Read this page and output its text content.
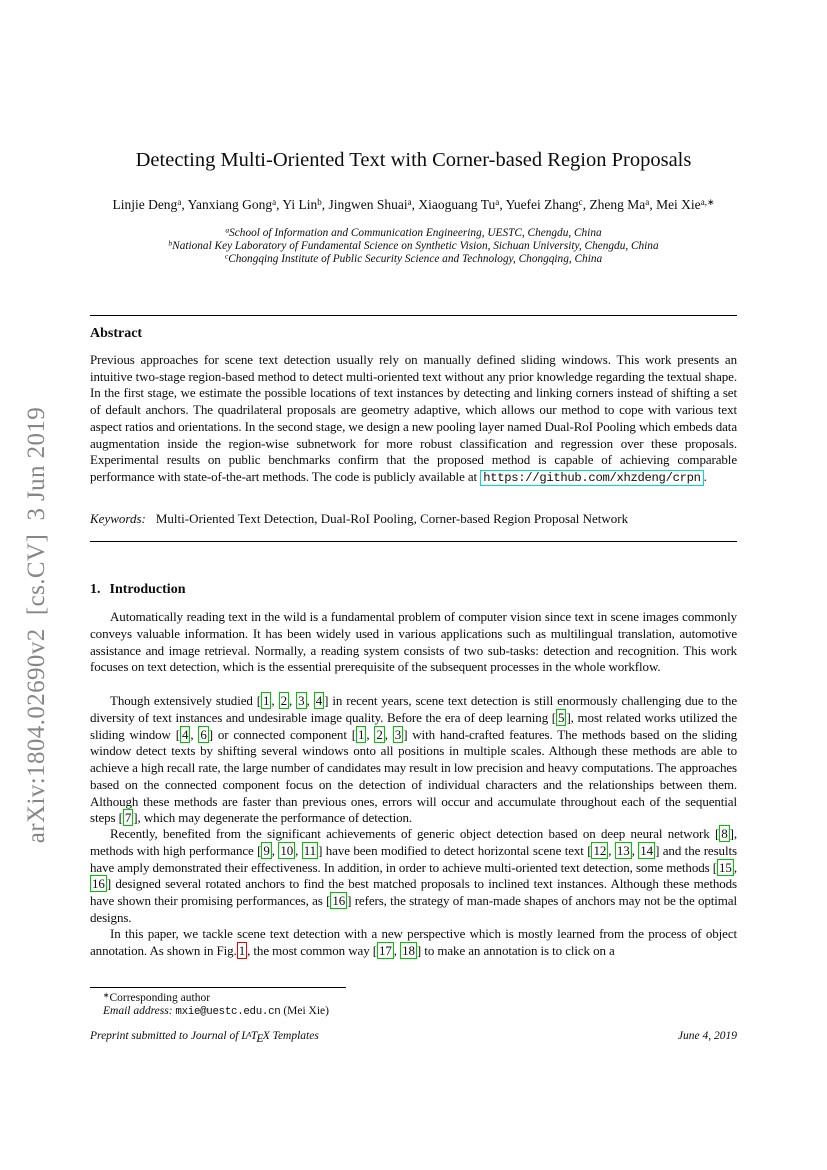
arXiv:1804.02690v2  [cs.CV]  3 Jun 2019
Detecting Multi-Oriented Text with Corner-based Region Proposals
Linjie Deng$^a$, Yanxiang Gong$^a$, Yi Lin$^b$, Jingwen Shuai$^a$, Xiaoguang Tu$^a$, Yuefei Zhang$^c$, Zheng Ma$^a$, Mei Xie$^{a,∗}$
$^a$School of Information and Communication Engineering, UESTC, Chengdu, China
$^b$National Key Laboratory of Fundamental Science on Synthetic Vision, Sichuan University, Chengdu, China
$^c$Chongqing Institute of Public Security Science and Technology, Chongqing, China
Abstract

Previous approaches for scene text detection usually rely on manually defined sliding windows. This work presents an intuitive two-stage region-based method to detect multi-oriented text without any prior knowledge regarding the textual shape. In the first stage, we estimate the possible locations of text instances by detecting and linking corners instead of shifting a set of default anchors. The quadrilateral proposals are geometry adaptive, which allows our method to cope with various text aspect ratios and orientations. In the second stage, we design a new pooling layer named Dual-RoI Pooling which embeds data augmentation inside the region-wise subnetwork for more robust classification and regression over these proposals. Experimental results on public benchmarks confirm that the proposed method is capable of achieving comparable performance with state-of-the-art methods. The code is publicly available at https://github.com/xhzdeng/crpn .

Keywords: Multi-Oriented Text Detection, Dual-RoI Pooling, Corner-based Region Proposal Network

1. Introduction

Automatically reading text in the wild is a fundamental problem of computer vision since text in scene images commonly conveys valuable information. It has been widely used in various applications such as multilingual translation, automotive assistance and image retrieval. Normally, a reading system consists of two sub-tasks: detection and recognition. This work focuses on text detection, which is the essential prerequisite of the subsequent processes in the whole workflow.

Though extensively studied [ 1 , 2 , 3 , 4 ] in recent years, scene text detection is still enormously challenging due to the diversity of text instances and undesirable image quality. Before the era of deep learning [ 5 ], most related works utilized the sliding window [ 4 , 6 ] or connected component [ 1 , 2 , 3 ] with hand-crafted features. The methods based on the sliding window detect texts by shifting several windows onto all positions in multiple scales. Although these methods are able to achieve a high recall rate, the large number of candidates may result in low precision and heavy computations. The approaches based on the connected component focus on the detection of individual characters and the relationships between them. Although these methods are faster than previous ones, errors will occur and accumulate throughout each of the sequential steps [ 7 ], which may degenerate the performance of detection.

Recently, benefited from the significant achievements of generic object detection based on deep neural network [ 8 ], methods with high performance [ 9 , 10 , 11 ] have been modified to detect horizontal scene text [ 12 , 13 , 14 ] and the results have amply demonstrated their effectiveness. In addition, in order to achieve multi-oriented text detection, some methods [ 15 , 16 ] designed several rotated anchors to find the best matched proposals to inclined text instances. Although these methods have shown their promising performances, as [ 16 ] refers, the strategy of man-made shapes of anchors may not be the optimal designs.

In this paper, we tackle scene text detection with a new perspective which is mostly learned from the process of object annotation. As shown in Fig. 1 , the most common way [ 17 , 18 ] to make an annotation is to click on a

∗Corresponding author
Email address: mxie@uestc.edu.cn (Mei Xie)
Preprint submitted to Journal of LATEX Templates	June 4, 2019
